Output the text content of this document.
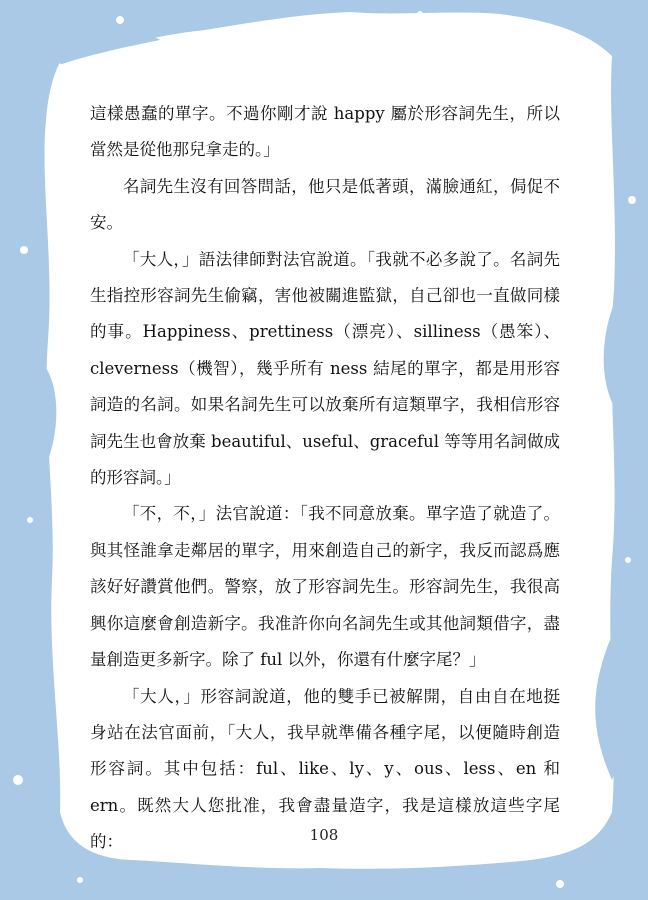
這樣愚蠢的單字。不過你剛才說 happy 屬於形容詞先生，所以當然是從他那兒拿走的。」

名詞先生沒有回答問話，他只是低著頭，滿臉通紅，侷促不安。

「大人，」語法律師對法官說道。「我就不必多說了。名詞先生指控形容詞先生偷竊，害他被關進監獄，自己卻也一直做同樣的事。Happiness、prettiness（漂亮）、silliness（愚笨）、cleverness（機智），幾乎所有 ness 結尾的單字，都是用形容詞造的名詞。如果名詞先生可以放棄所有這類單字，我相信形容詞先生也會放棄 beautiful、useful、graceful 等等用名詞做成的形容詞。」

「不，不，」法官說道：「我不同意放棄。單字造了就造了。與其怪誰拿走鄰居的單字，用來創造自己的新字，我反而認爲應該好好讚賞他們。警察，放了形容詞先生。形容詞先生，我很高興你這麼會創造新字。我准許你向名詞先生或其他詞類借字，盡量創造更多新字。除了 ful 以外，你還有什麼字尾？」

「大人，」形容詞說道，他的雙手已被解開，自由自在地挺身站在法官面前，「大人，我早就準備各種字尾，以便隨時創造形容詞。其中包括：ful、like、ly、y、ous、less、en 和 ern。既然大人您批准，我會盡量造字，我是這樣放這些字尾的：	108
